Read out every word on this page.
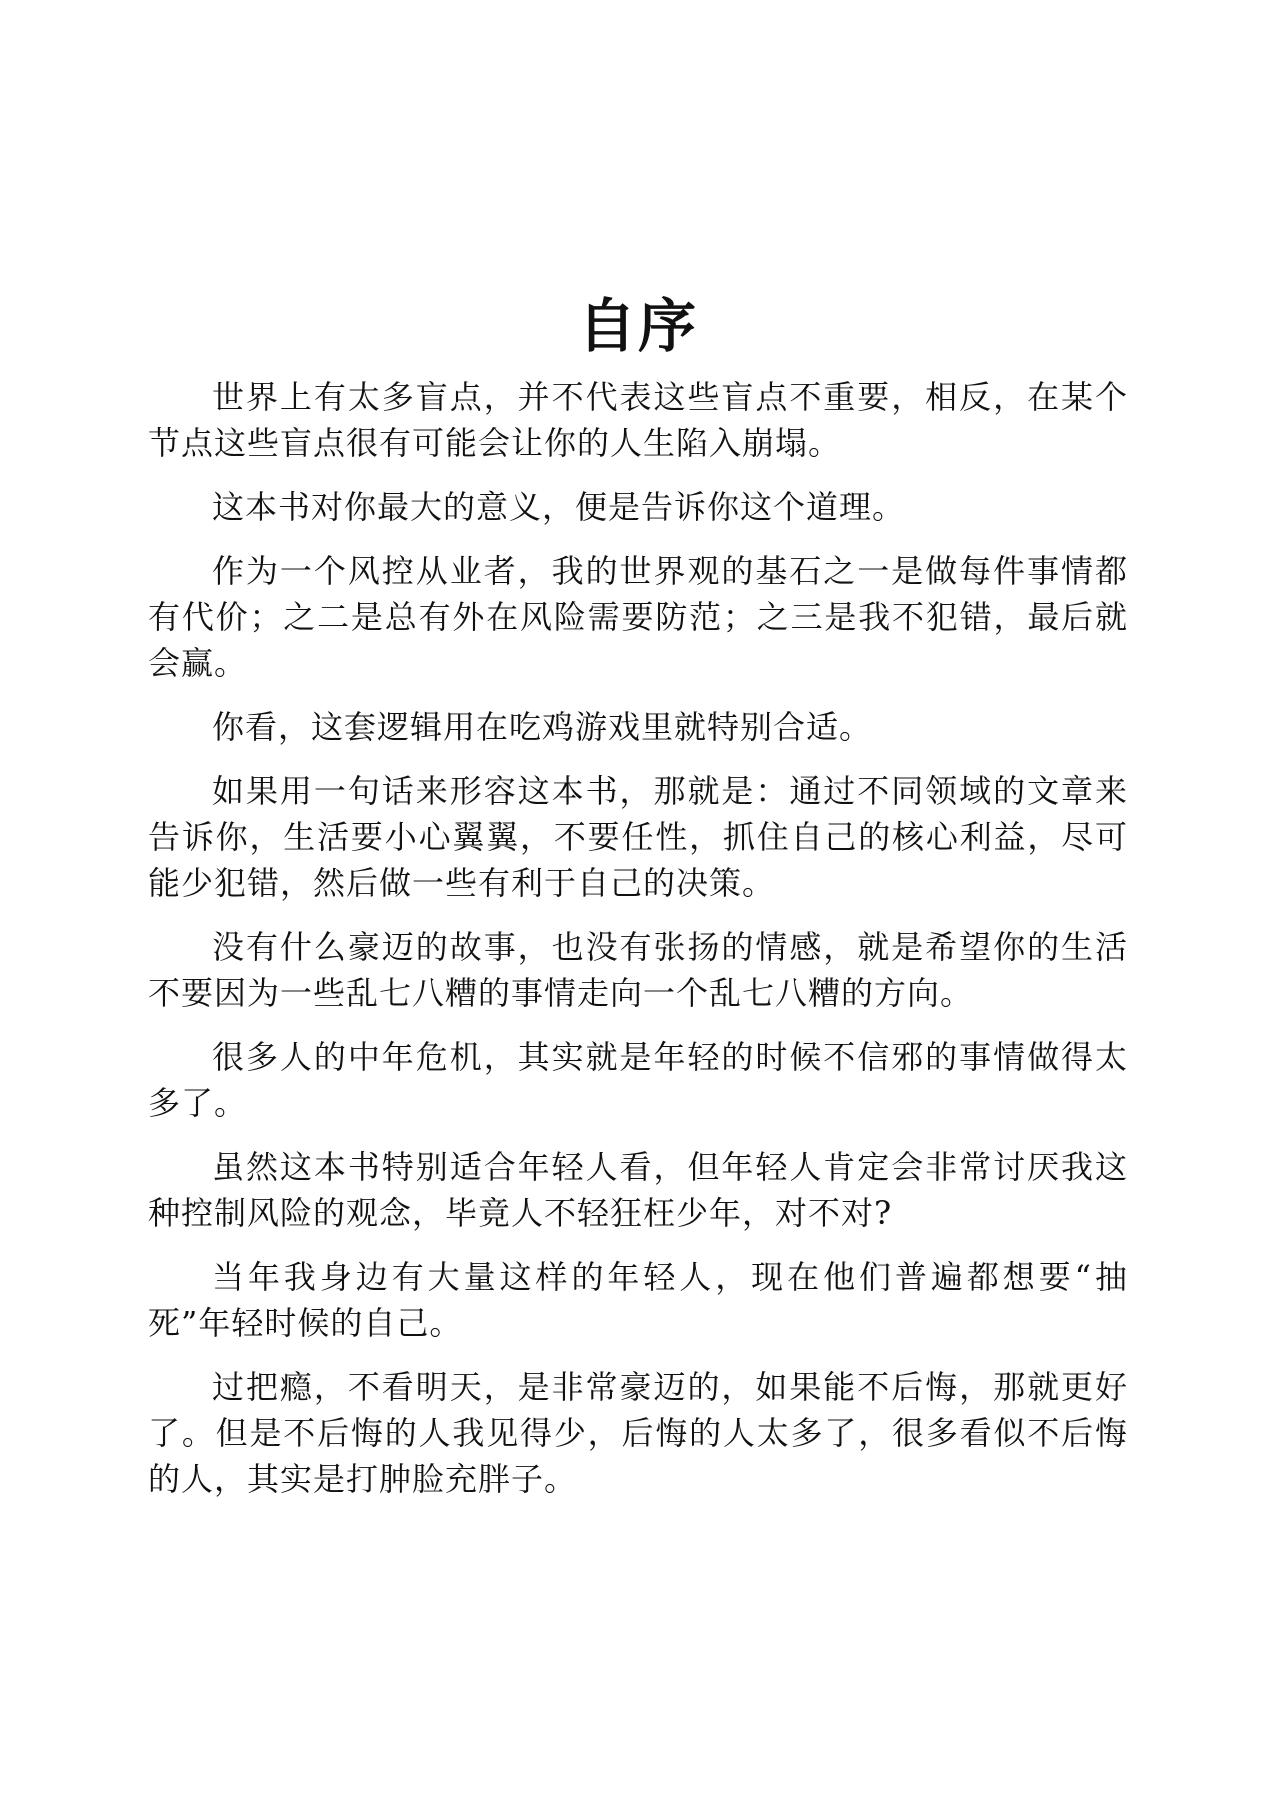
自序

世界上有太多盲点，并不代表这些盲点不重要，相反，在某个节点这些盲点很有可能会让你的人生陷入崩塌。

这本书对你最大的意义，便是告诉你这个道理。

作为一个风控从业者，我的世界观的基石之一是做每件事情都有代价；之二是总有外在风险需要防范；之三是我不犯错，最后就会赢。

你看，这套逻辑用在吃鸡游戏里就特别合适。

如果用一句话来形容这本书，那就是：通过不同领域的文章来告诉你，生活要小心翼翼，不要任性，抓住自己的核心利益，尽可能少犯错，然后做一些有利于自己的决策。

没有什么豪迈的故事，也没有张扬的情感，就是希望你的生活不要因为一些乱七八糟的事情走向一个乱七八糟的方向。

很多人的中年危机，其实就是年轻的时候不信邪的事情做得太多了。

虽然这本书特别适合年轻人看，但年轻人肯定会非常讨厌我这种控制风险的观念，毕竟人不轻狂枉少年，对不对?

当年我身边有大量这样的年轻人，现在他们普遍都想要“抽死”年轻时候的自己。

过把瘾，不看明天，是非常豪迈的，如果能不后悔，那就更好了。但是不后悔的人我见得少，后悔的人太多了，很多看似不后悔的人，其实是打肿脸充胖子。
